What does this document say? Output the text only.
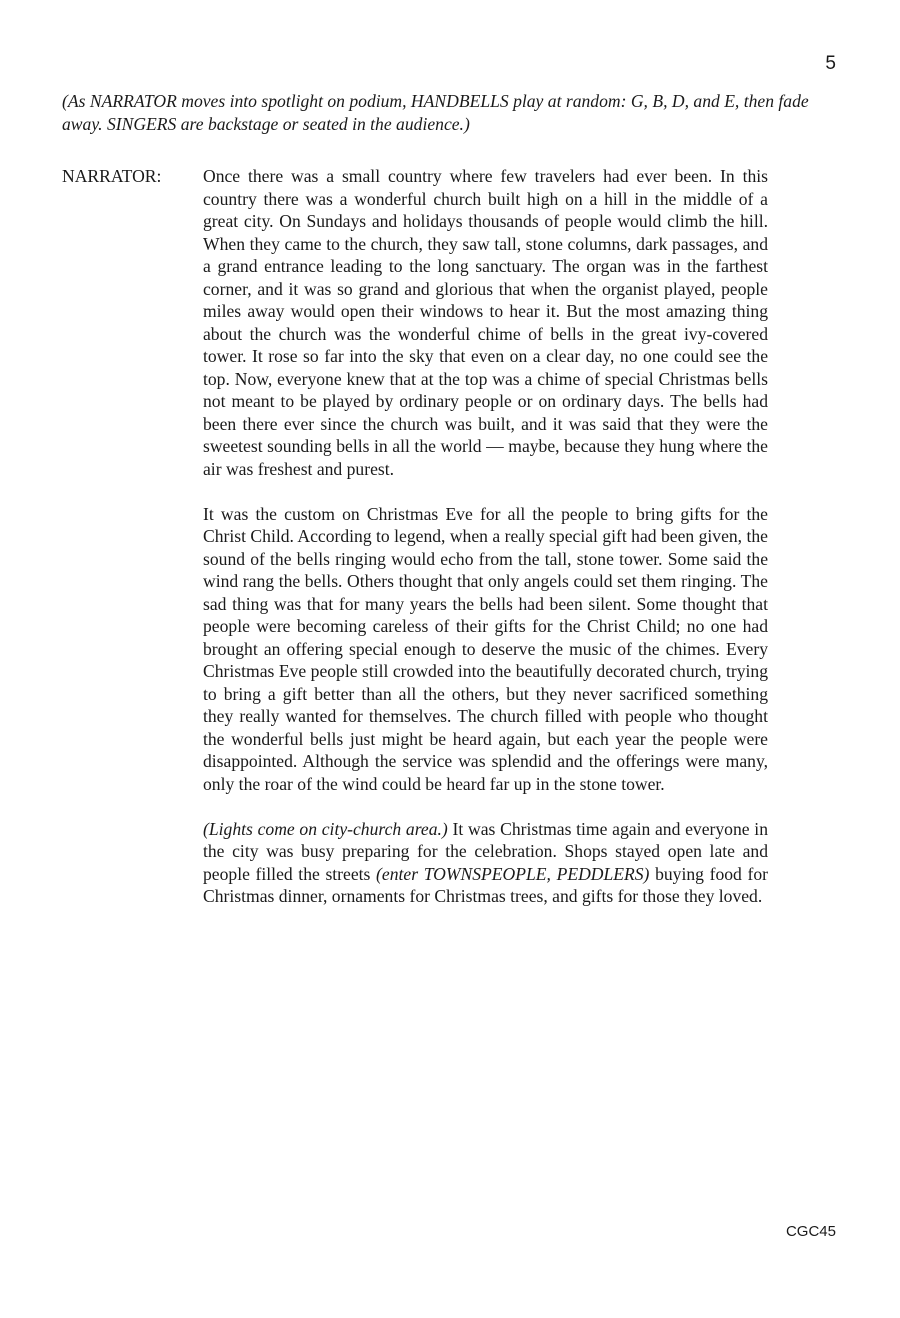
5

(As NARRATOR moves into spotlight on podium, HANDBELLS play at random: G, B, D, and E, then fade away. SINGERS are backstage or seated in the audience.)

NARRATOR: Once there was a small country where few travelers had ever been. In this country there was a wonderful church built high on a hill in the middle of a great city. On Sundays and holidays thousands of people would climb the hill. When they came to the church, they saw tall, stone columns, dark passages, and a grand entrance leading to the long sanctuary. The organ was in the farthest corner, and it was so grand and glorious that when the organist played, people miles away would open their windows to hear it. But the most amazing thing about the church was the wonderful chime of bells in the great ivy-covered tower. It rose so far into the sky that even on a clear day, no one could see the top. Now, everyone knew that at the top was a chime of special Christmas bells not meant to be played by ordinary people or on ordinary days. The bells had been there ever since the church was built, and it was said that they were the sweetest sounding bells in all the world — maybe, because they hung where the air was freshest and purest.

It was the custom on Christmas Eve for all the people to bring gifts for the Christ Child. According to legend, when a really special gift had been given, the sound of the bells ringing would echo from the tall, stone tower. Some said the wind rang the bells. Others thought that only angels could set them ringing. The sad thing was that for many years the bells had been silent. Some thought that people were becoming careless of their gifts for the Christ Child; no one had brought an offering special enough to deserve the music of the chimes. Every Christmas Eve people still crowded into the beautifully decorated church, trying to bring a gift better than all the others, but they never sacrificed something they really wanted for themselves. The church filled with people who thought the wonderful bells just might be heard again, but each year the people were disappointed. Although the service was splendid and the offerings were many, only the roar of the wind could be heard far up in the stone tower.

(Lights come on city-church area.) It was Christmas time again and everyone in the city was busy preparing for the celebration. Shops stayed open late and people filled the streets (enter TOWNSPEOPLE, PEDDLERS) buying food for Christmas dinner, ornaments for Christmas trees, and gifts for those they loved.

CGC45
